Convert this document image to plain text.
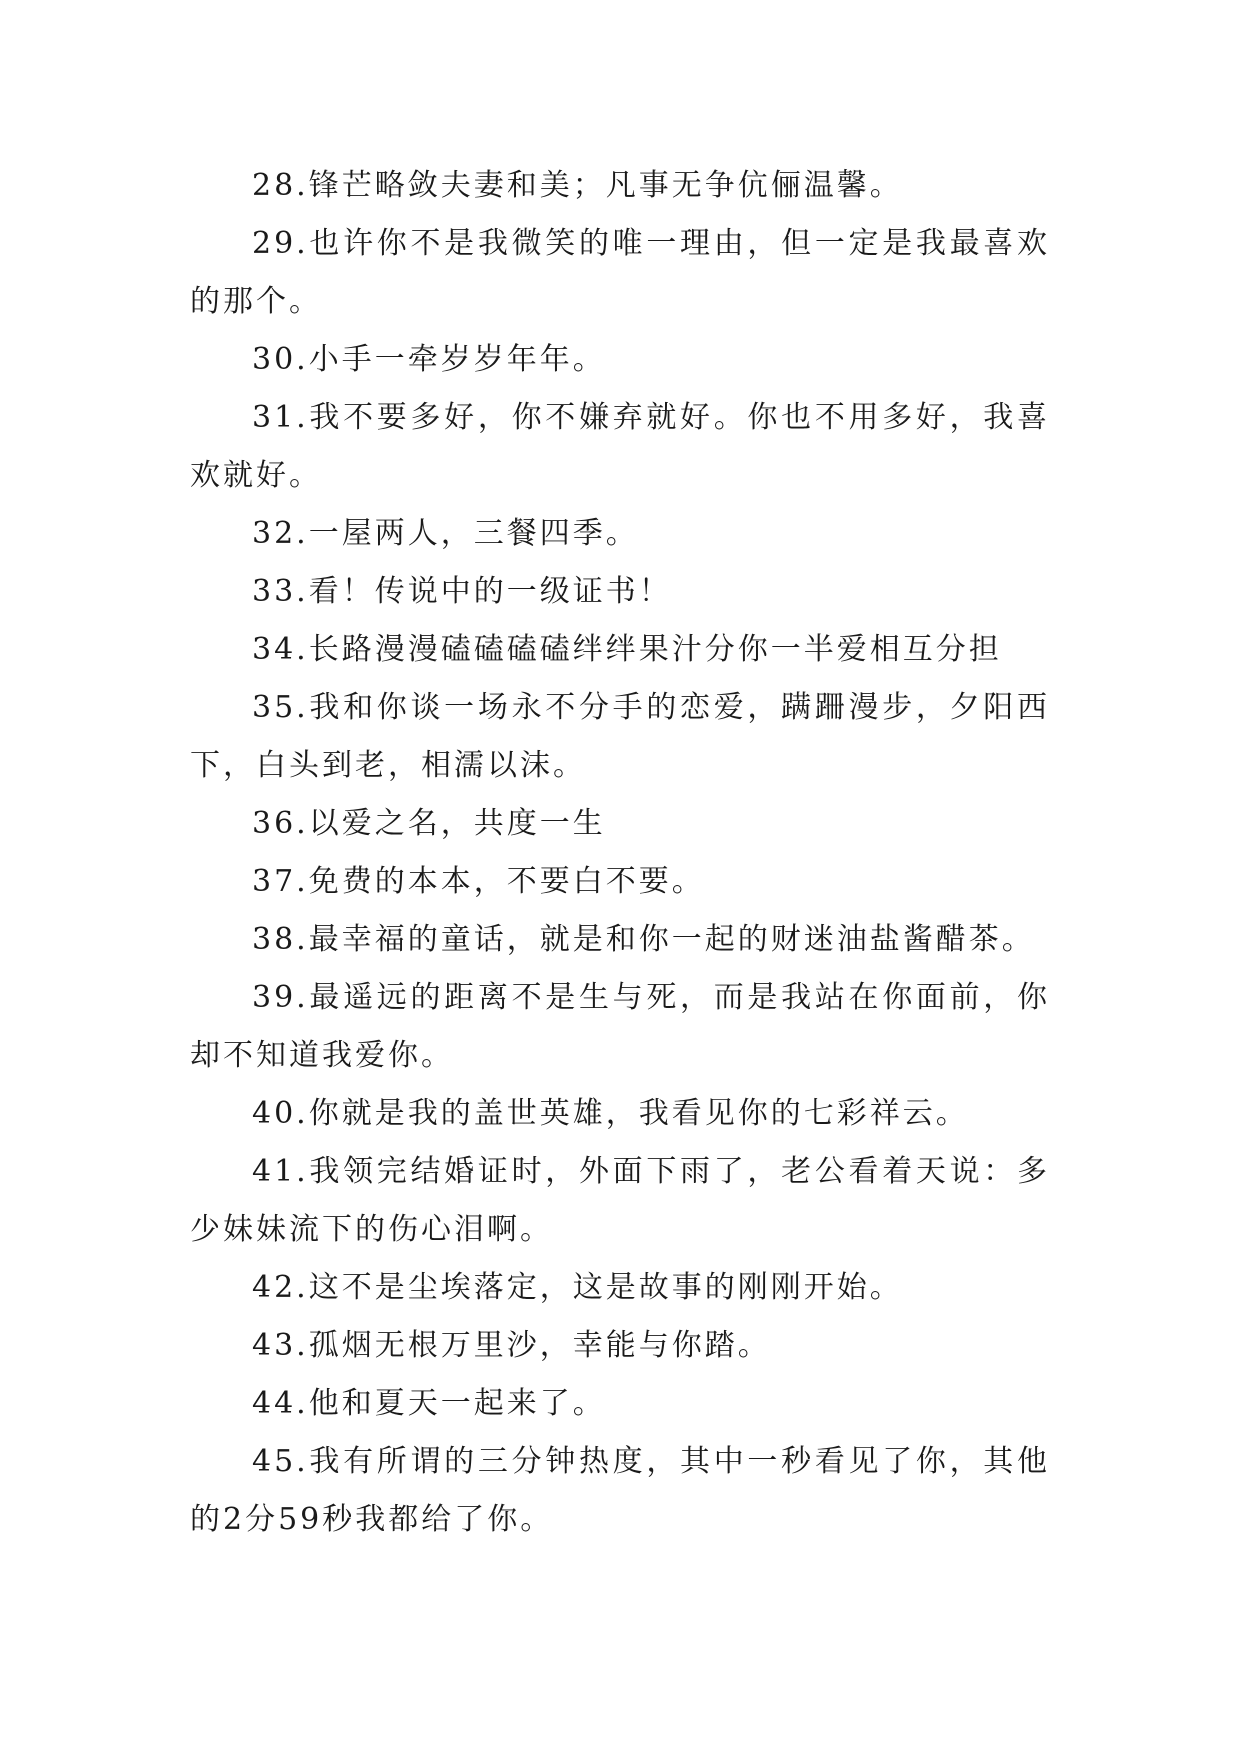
28.锋芒略敛夫妻和美；凡事无争伉俪温馨。

29.也许你不是我微笑的唯一理由，但一定是我最喜欢的那个。

30.小手一牵岁岁年年。

31.我不要多好，你不嫌弃就好。你也不用多好，我喜欢就好。

32.一屋两人，三餐四季。

33.看！传说中的一级证书！

34.长路漫漫磕磕磕磕绊绊果汁分你一半爱相互分担

35.我和你谈一场永不分手的恋爱，蹒跚漫步，夕阳西下，白头到老，相濡以沫。

36.以爱之名，共度一生

37.免费的本本，不要白不要。

38.最幸福的童话，就是和你一起的财迷油盐酱醋茶。

39.最遥远的距离不是生与死，而是我站在你面前，你却不知道我爱你。

40.你就是我的盖世英雄，我看见你的七彩祥云。

41.我领完结婚证时，外面下雨了，老公看着天说：多少妹妹流下的伤心泪啊。

42.这不是尘埃落定，这是故事的刚刚开始。

43.孤烟无根万里沙，幸能与你踏。

44.他和夏天一起来了。

45.我有所谓的三分钟热度，其中一秒看见了你，其他的2分59秒我都给了你。
